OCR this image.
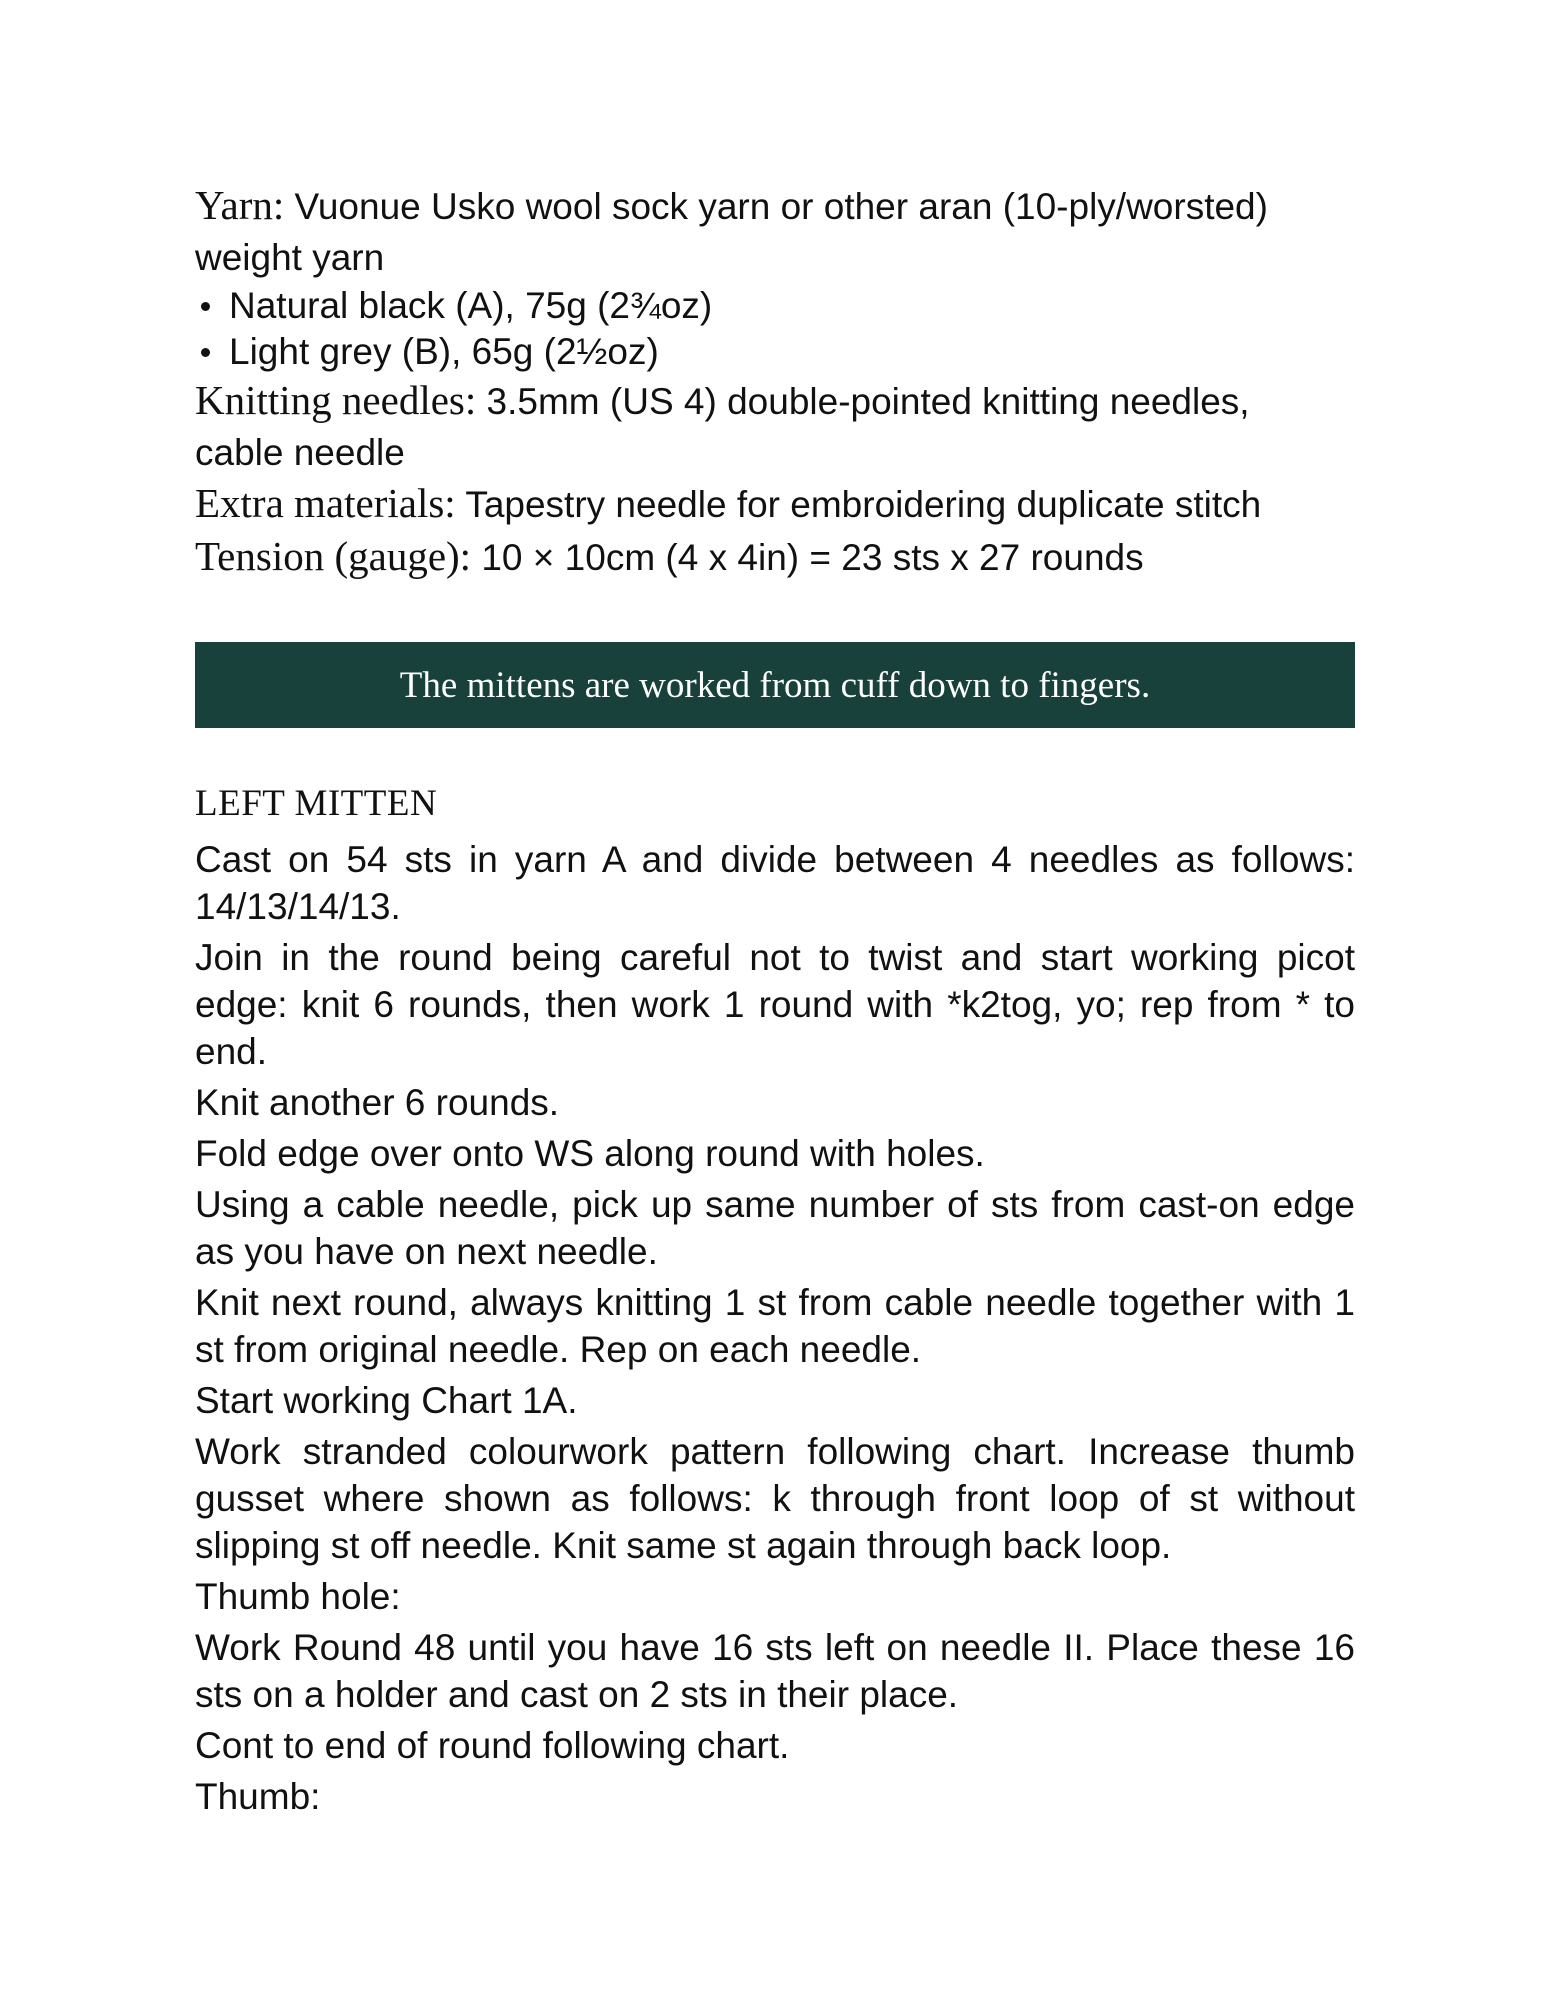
Yarn: Vuonue Usko wool sock yarn or other aran (10-ply/worsted)
weight yarn
Natural black (A), 75g (2¾oz)
Light grey (B), 65g (2½oz)
Knitting needles: 3.5mm (US 4) double-pointed knitting needles,
cable needle
Extra materials: Tapestry needle for embroidering duplicate stitch
Tension (gauge): 10 × 10cm (4 x 4in) = 23 sts x 27 rounds
The mittens are worked from cuff down to fingers.
LEFT MITTEN

Cast on 54 sts in yarn A and divide between 4 needles as follows: 14/13/14/13.

Join in the round being careful not to twist and start working picot edge: knit 6 rounds, then work 1 round with *k2tog, yo; rep from * to end.

Knit another 6 rounds.

Fold edge over onto WS along round with holes.

Using a cable needle, pick up same number of sts from cast-on edge as you have on next needle.

Knit next round, always knitting 1 st from cable needle together with 1 st from original needle. Rep on each needle.

Start working Chart 1A.

Work stranded colourwork pattern following chart. Increase thumb gusset where shown as follows: k through front loop of st without slipping st off needle. Knit same st again through back loop.

Thumb hole:

Work Round 48 until you have 16 sts left on needle II. Place these 16 sts on a holder and cast on 2 sts in their place.

Cont to end of round following chart.

Thumb:
